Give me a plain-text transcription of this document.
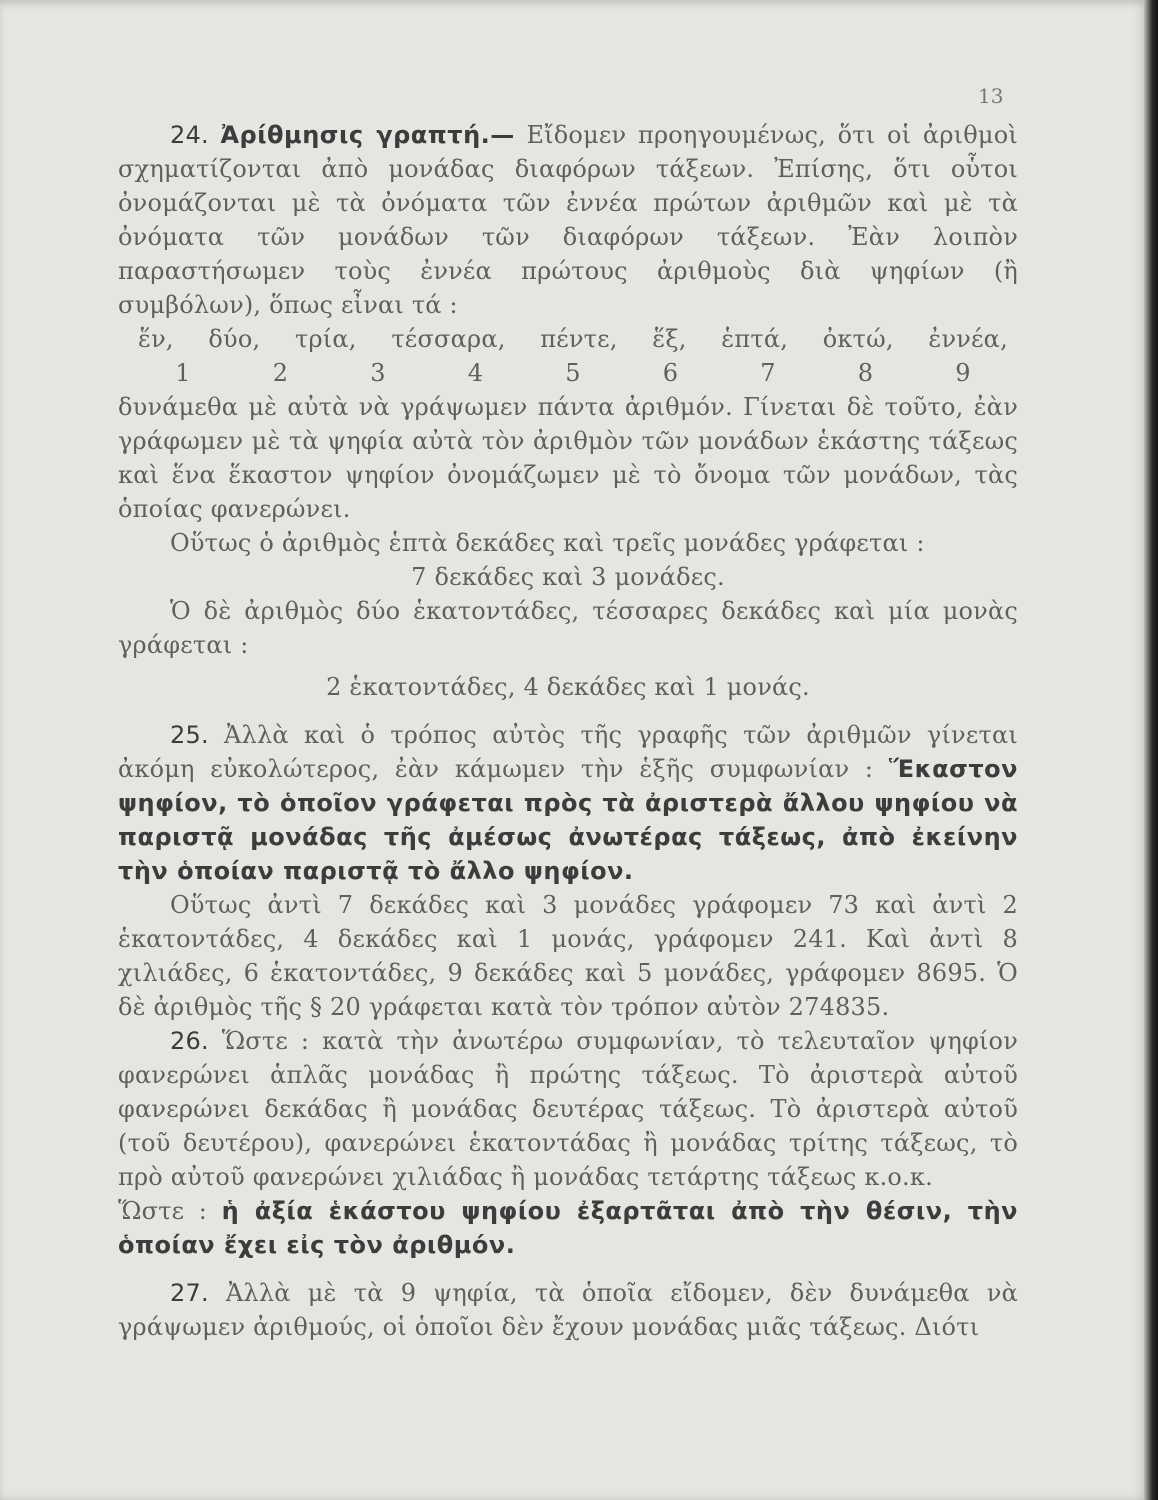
13

24. Ἀρίθμησις γραπτή.— Εἴδομεν προηγουμένως, ὅτι οἱ ἀριθμοὶ σχηματίζονται ἀπὸ μονάδας διαφόρων τάξεων. Ἐπίσης, ὅτι οὗτοι ὀνομάζονται μὲ τὰ ὀνόματα τῶν ἐννέα πρώτων ἀριθμῶν καὶ μὲ τὰ ὀνόματα τῶν μονάδων τῶν διαφόρων τάξεων. Ἐὰν λοιπὸν παραστήσωμεν τοὺς ἐννέα πρώτους ἀριθμοὺς διὰ ψηφίων (ἢ συμβόλων), ὅπως εἶναι τά :

ἕν, δύο, τρία, τέσσαρα, πέντε, ἕξ, ἑπτά, ὀκτώ, ἐννέα,
1	2	3	4	5	6	7	8	9

δυνάμεθα μὲ αὐτὰ νὰ γράψωμεν πάντα ἀριθμόν. Γίνεται δὲ τοῦτο, ἐὰν γράφωμεν μὲ τὰ ψηφία αὐτὰ τὸν ἀριθμὸν τῶν μονάδων ἑκάστης τάξεως καὶ ἕνα ἕκαστον ψηφίον ὀνομάζωμεν μὲ τὸ ὄνομα τῶν μονάδων, τὰς ὁποίας φανερώνει.

Οὕτως ὁ ἀριθμὸς ἑπτὰ δεκάδες καὶ τρεῖς μονάδες γράφεται :

7 δεκάδες καὶ 3 μονάδες.

Ὁ δὲ ἀριθμὸς δύο ἑκατοντάδες, τέσσαρες δεκάδες καὶ μία μονὰς γράφεται :

2 ἑκατοντάδες, 4 δεκάδες καὶ 1 μονάς.

25. Ἀλλὰ καὶ ὁ τρόπος αὐτὸς τῆς γραφῆς τῶν ἀριθμῶν γίνεται ἀκόμη εὐκολώτερος, ἐὰν κάμωμεν τὴν ἑξῆς συμφωνίαν : Ἕκαστον ψηφίον, τὸ ὁποῖον γράφεται πρὸς τὰ ἀριστερὰ ἄλλου ψηφίου νὰ παριστᾷ μονάδας τῆς ἀμέσως ἀνωτέρας τάξεως, ἀπὸ ἐκείνην τὴν ὁποίαν παριστᾷ τὸ ἄλλο ψηφίον.

Οὕτως ἀντὶ 7 δεκάδες καὶ 3 μονάδες γράφομεν 73 καὶ ἀντὶ 2 ἑκατοντάδες, 4 δεκάδες καὶ 1 μονάς, γράφομεν 241. Καὶ ἀντὶ 8 χιλιάδες, 6 ἑκατοντάδες, 9 δεκάδες καὶ 5 μονάδες, γράφομεν 8695. Ὁ δὲ ἀριθμὸς τῆς § 20 γράφεται κατὰ τὸν τρόπον αὐτὸν 274835.

26. Ὥστε : κατὰ τὴν ἀνωτέρω συμφωνίαν, τὸ τελευταῖον ψηφίον φανερώνει ἁπλᾶς μονάδας ἢ πρώτης τάξεως. Τὸ ἀριστερὰ αὐτοῦ φανερώνει δεκάδας ἢ μονάδας δευτέρας τάξεως. Τὸ ἀριστερὰ αὐτοῦ (τοῦ δευτέρου), φανερώνει ἑκατοντάδας ἢ μονάδας τρίτης τάξεως, τὸ πρὸ αὐτοῦ φανερώνει χιλιάδας ἢ μονάδας τετάρτης τάξεως κ.ο.κ.

Ὥστε : ἡ ἀξία ἑκάστου ψηφίου ἐξαρτᾶται ἀπὸ τὴν θέσιν, τὴν ὁποίαν ἔχει εἰς τὸν ἀριθμόν.

27. Ἀλλὰ μὲ τὰ 9 ψηφία, τὰ ὁποῖα εἴδομεν, δὲν δυνάμεθα νὰ γράψωμεν ἀριθμούς, οἱ ὁποῖοι δὲν ἔχουν μονάδας μιᾶς τάξεως. Διότι
